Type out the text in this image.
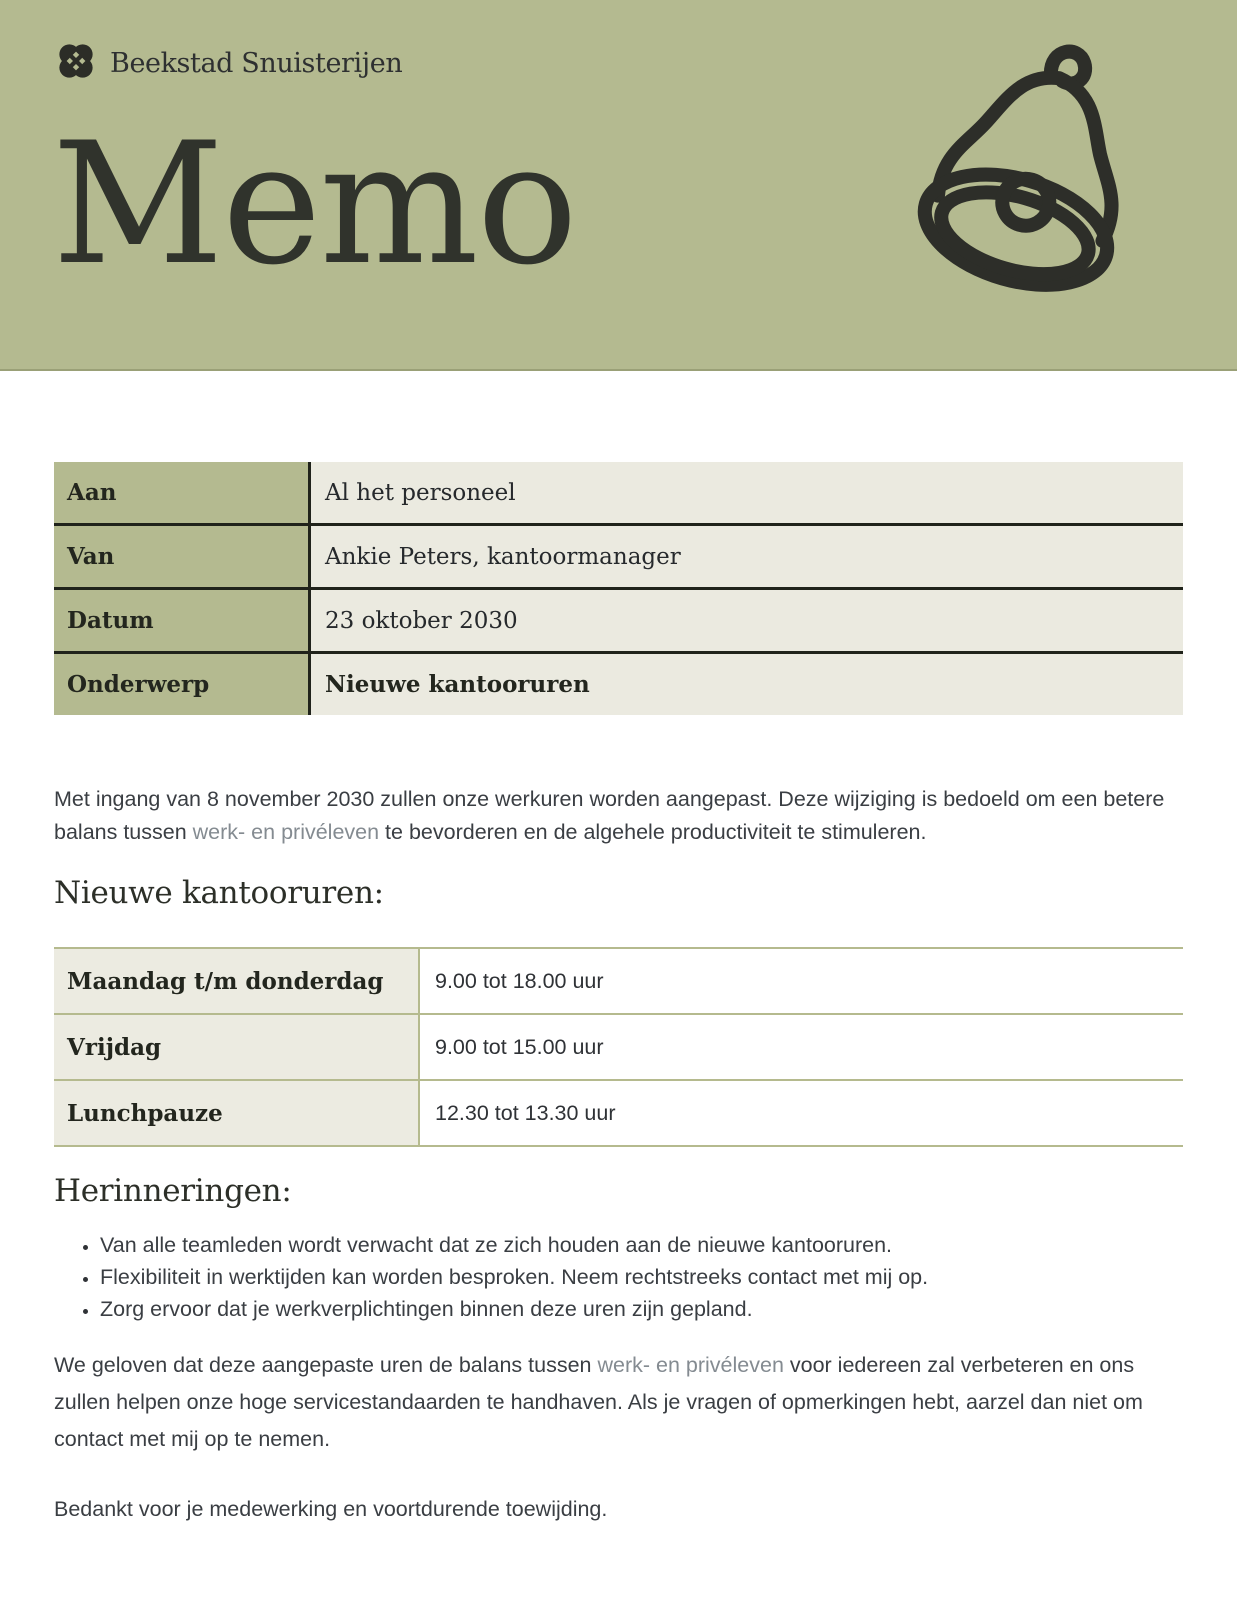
Beekstad Snuisterijen
Memo
Aan	Al het personeel
Van	Ankie Peters, kantoormanager
Datum	23 oktober 2030
Onderwerp	Nieuwe kantooruren

Met ingang van 8 november 2030 zullen onze werkuren worden aangepast. Deze wijziging is bedoeld om een betere balans tussen werk- en privéleven te bevorderen en de algehele productiviteit te stimuleren.

Nieuwe kantooruren:
Maandag t/m donderdag	9.00 tot 18.00 uur
Vrijdag	9.00 tot 15.00 uur
Lunchpauze	12.30 tot 13.30 uur
Herinneringen:
• Van alle teamleden wordt verwacht dat ze zich houden aan de nieuwe kantooruren.
• Flexibiliteit in werktijden kan worden besproken. Neem rechtstreeks contact met mij op.
• Zorg ervoor dat je werkverplichtingen binnen deze uren zijn gepland.

We geloven dat deze aangepaste uren de balans tussen werk- en privéleven voor iedereen zal verbeteren en ons zullen helpen onze hoge servicestandaarden te handhaven. Als je vragen of opmerkingen hebt, aarzel dan niet om contact met mij op te nemen.

Bedankt voor je medewerking en voortdurende toewijding.
